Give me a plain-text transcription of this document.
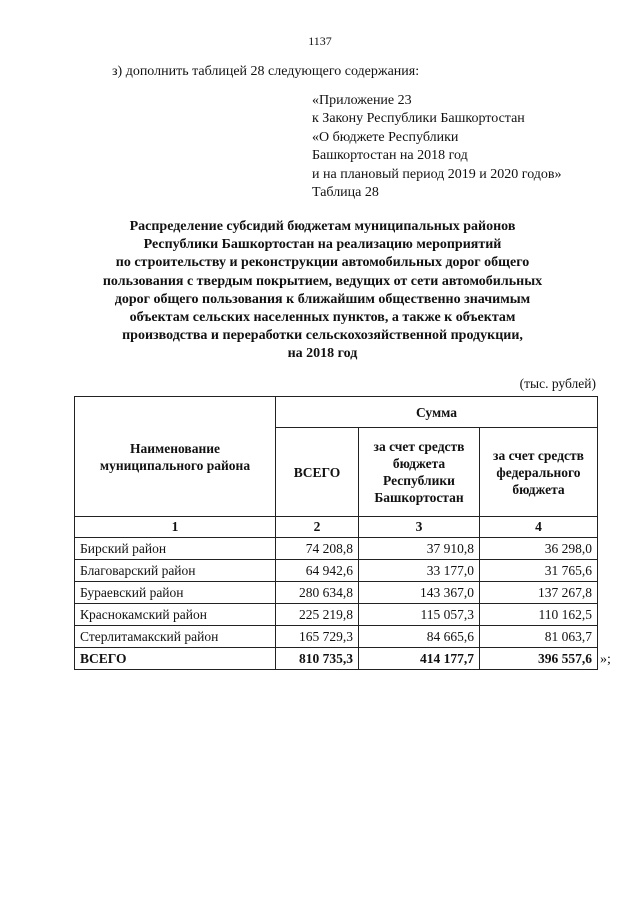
1137
з) дополнить таблицей 28 следующего содержания:
«Приложение 23
к Закону Республики Башкортостан
«О бюджете Республики
Башкортостан на 2018 год
и на плановый период 2019 и 2020 годов»
Таблица 28
Распределение субсидий бюджетам муниципальных районов
Республики Башкортостан на реализацию мероприятий
по строительству и реконструкции автомобильных дорог общего
пользования с твердым покрытием, ведущих от сети автомобильных
дорог общего пользования к ближайшим общественно значимым
объектам сельских населенных пунктов, а также к объектам
производства и переработки сельскохозяйственной продукции,
на 2018 год
(тыс. рублей)
Наименование муниципального района	Сумма		
	ВСЕГО	за счет средств бюджета Республики Башкортостан	за счет средств федерального бюджета
1	2	3	4
Бирский район	74 208,8	37 910,8	36 298,0
Благоварский район	64 942,6	33 177,0	31 765,6
Бураевский район	280 634,8	143 367,0	137 267,8
Краснокамский район	225 219,8	115 057,3	110 162,5
Стерлитамакский район	165 729,3	84 665,6	81 063,7
ВСЕГО	810 735,3	414 177,7	396 557,6 »;
